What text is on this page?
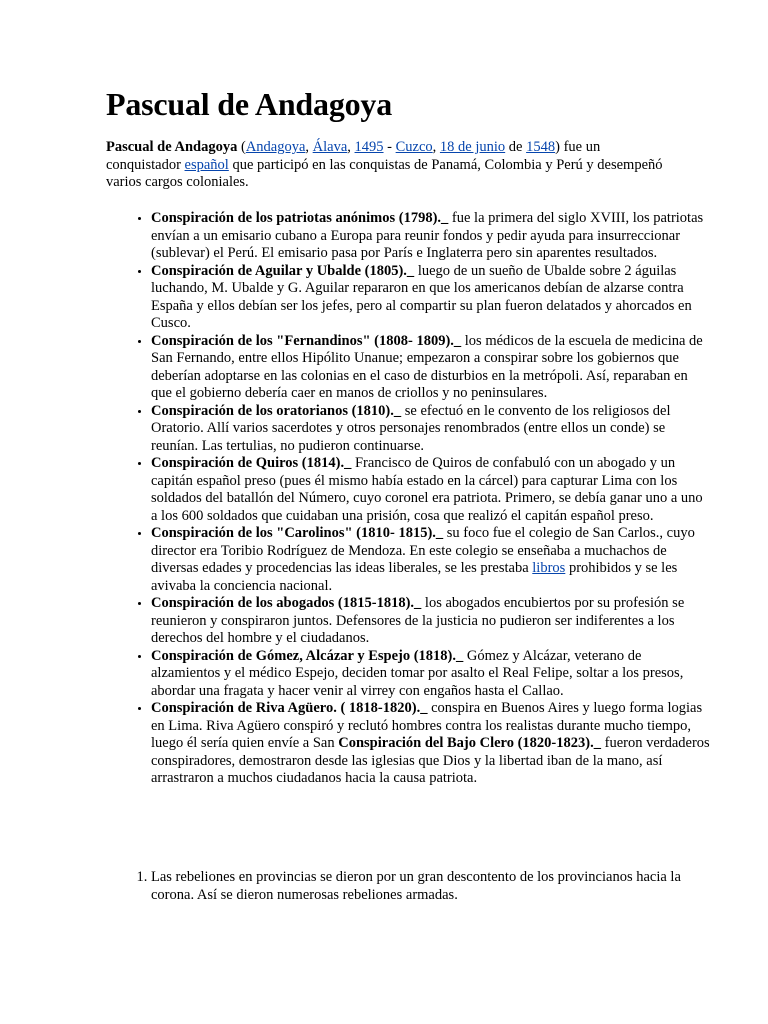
Pascual de Andagoya

Pascual de Andagoya (Andagoya, Álava, 1495 - Cuzco, 18 de junio de 1548) fue un conquistador español que participó en las conquistas de Panamá, Colombia y Perú y desempeñó varios cargos coloniales.

• Conspiración de los patriotas anónimos (1798)._ fue la primera del siglo XVIII, los patriotas envían a un emisario cubano a Europa para reunir fondos y pedir ayuda para insurreccionar (sublevar) el Perú. El emisario pasa por París e Inglaterra pero sin aparentes resultados.
• Conspiración de Aguilar y Ubalde (1805)._ luego de un sueño de Ubalde sobre 2 águilas luchando, M. Ubalde y G. Aguilar repararon en que los americanos debían de alzarse contra España y ellos debían ser los jefes, pero al compartir su plan fueron delatados y ahorcados en Cusco.
• Conspiración de los "Fernandinos" (1808- 1809)._ los médicos de la escuela de medicina de San Fernando, entre ellos Hipólito Unanue; empezaron a conspirar sobre los gobiernos que deberían adoptarse en las colonias en el caso de disturbios en la metrópoli. Así, reparaban en que el gobierno debería caer en manos de criollos y no peninsulares.
• Conspiración de los oratorianos (1810)._ se efectuó en le convento de los religiosos del Oratorio. Allí varios sacerdotes y otros personajes renombrados (entre ellos un conde) se reunían. Las tertulias, no pudieron continuarse.
• Conspiración de Quiros (1814)._ Francisco de Quiros de confabuló con un abogado y un capitán español preso (pues él mismo había estado en la cárcel) para capturar Lima con los soldados del batallón del Número, cuyo coronel era patriota. Primero, se debía ganar uno a uno a los 600 soldados que cuidaban una prisión, cosa que realizó el capitán español preso.
• Conspiración de los "Carolinos" (1810- 1815)._ su foco fue el colegio de San Carlos., cuyo director era Toribio Rodríguez de Mendoza. En este colegio se enseñaba a muchachos de diversas edades y procedencias las ideas liberales, se les prestaba libros prohibidos y se les avivaba la conciencia nacional.
• Conspiración de los abogados (1815-1818)._ los abogados encubiertos por su profesión se reunieron y conspiraron juntos. Defensores de la justicia no pudieron ser indiferentes a los derechos del hombre y el ciudadanos.
• Conspiración de Gómez, Alcázar y Espejo (1818)._ Gómez y Alcázar, veterano de alzamientos y el médico Espejo, deciden tomar por asalto el Real Felipe, soltar a los presos, abordar una fragata y hacer venir al virrey con engaños hasta el Callao.
• Conspiración de Riva Agüero. ( 1818-1820)._ conspira en Buenos Aires y luego forma logias en Lima. Riva Agüero conspiró y reclutó hombres contra los realistas durante mucho tiempo, luego él sería quien envíe a San Conspiración del Bajo Clero (1820-1823)._ fueron verdaderos conspiradores, demostraron desde las iglesias que Dios y la libertad iban de la mano, así arrastraron a muchos ciudadanos hacia la causa patriota.
1. Las rebeliones en provincias se dieron por un gran descontento de los provincianos hacia la corona. Así se dieron numerosas rebeliones armadas.
